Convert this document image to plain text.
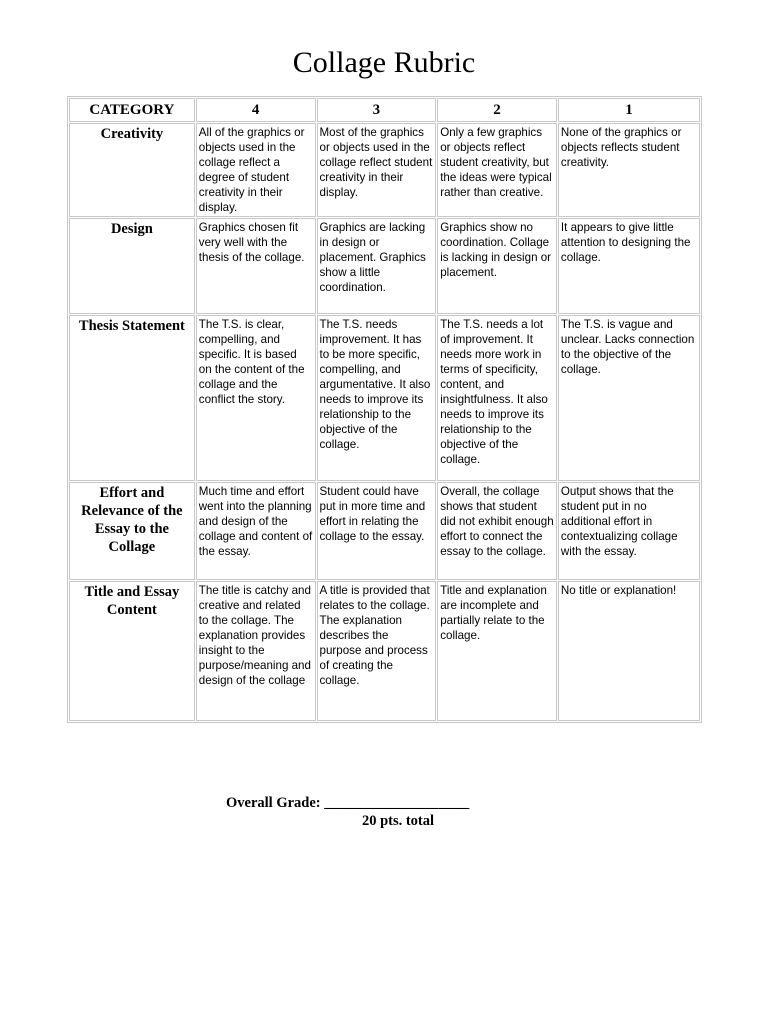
Collage Rubric
CATEGORY	4	3	2	1
Creativity	All of the graphics or objects used in the collage reflect a degree of student creativity in their display.	Most of the graphics or objects used in the collage reflect student creativity in their display.	Only a few graphics or objects reflect student creativity, but the ideas were typical rather than creative.	None of the graphics or objects reflects student creativity.
Design	Graphics chosen fit very well with the thesis of the collage.	Graphics are lacking in design or placement. Graphics show a little coordination.	Graphics show no coordination. Collage is lacking in design or placement.	It appears to give little attention to designing the collage.
Thesis Statement	The T.S. is clear, compelling, and specific. It is based on the content of the collage and the conflict the story.	The T.S. needs improvement. It has to be more specific, compelling, and argumentative. It also needs to improve its relationship to the objective of the collage.	The T.S. needs a lot of improvement. It needs more work in terms of specificity, content, and insightfulness. It also needs to improve its relationship to the objective of the collage.	The T.S. is vague and unclear. Lacks connection to the objective of the collage.
Effort and Relevance of the Essay to the Collage	Much time and effort went into the planning and design of the collage and content of the essay.	Student could have put in more time and effort in relating the collage to the essay.	Overall, the collage shows that student did not exhibit enough effort to connect the essay to the collage.	Output shows that the student put in no additional effort in contextualizing collage with the essay.
Title and Essay Content	The title is catchy and creative and related to the collage. The explanation provides insight to the purpose/meaning and design of the collage	A title is provided that relates to the collage. The explanation describes the purpose and process of creating the collage.	Title and explanation are incomplete and partially relate to the collage.	No title or explanation!

Overall Grade: ____________________

20 pts. total
